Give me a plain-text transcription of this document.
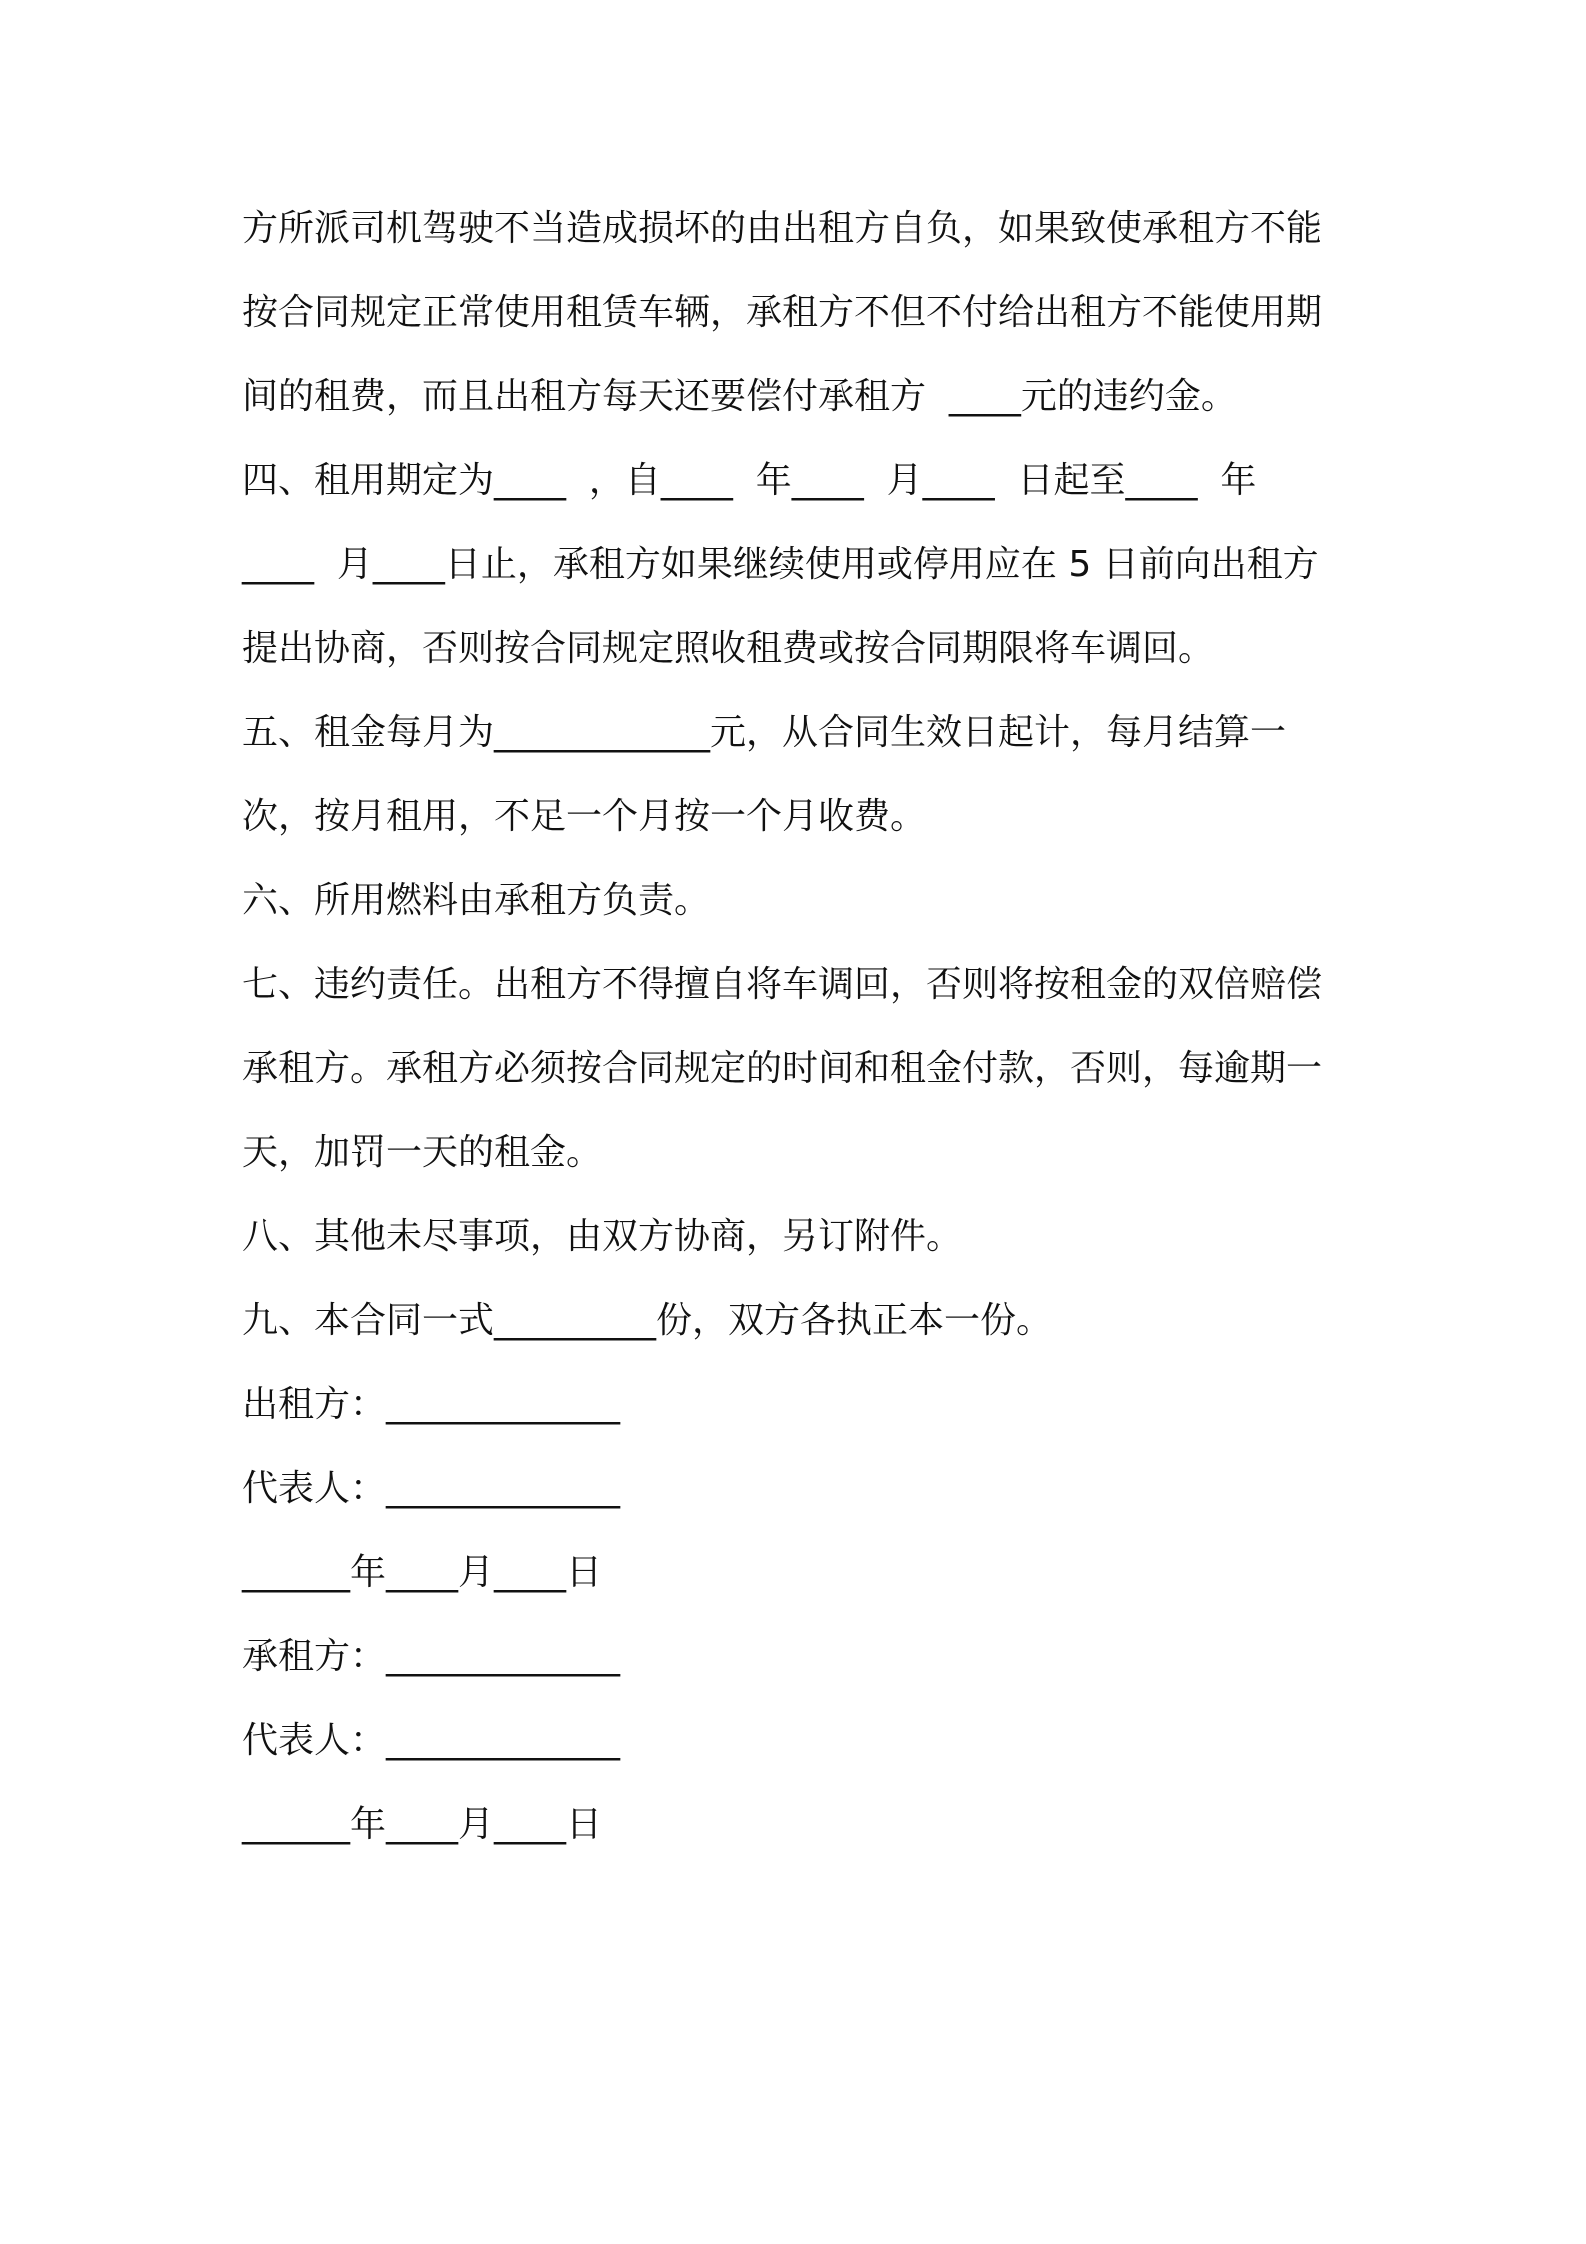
方所派司机驾驶不当造成损坏的由出租方自负，如果致使承租方不能
按合同规定正常使用租赁车辆，承租方不但不付给出租方不能使用期
间的租费，而且出租方每天还要偿付承租方  ____元的违约金。
四、租用期定为____  ，自____  年____  月____  日起至____  年
____  月____日止，承租方如果继续使用或停用应在 5 日前向出租方
提出协商，否则按合同规定照收租费或按合同期限将车调回。
五、租金每月为____________元，从合同生效日起计，每月结算一
次，按月租用，不足一个月按一个月收费。
六、所用燃料由承租方负责。
七、违约责任。出租方不得擅自将车调回，否则将按租金的双倍赔偿
承租方。承租方必须按合同规定的时间和租金付款，否则，每逾期一
天，加罚一天的租金。
八、其他未尽事项，由双方协商，另订附件。
九、本合同一式_________份，双方各执正本一份。
出租方：_____________
代表人：_____________
______年____月____日
承租方：_____________
代表人：_____________
______年____月____日
